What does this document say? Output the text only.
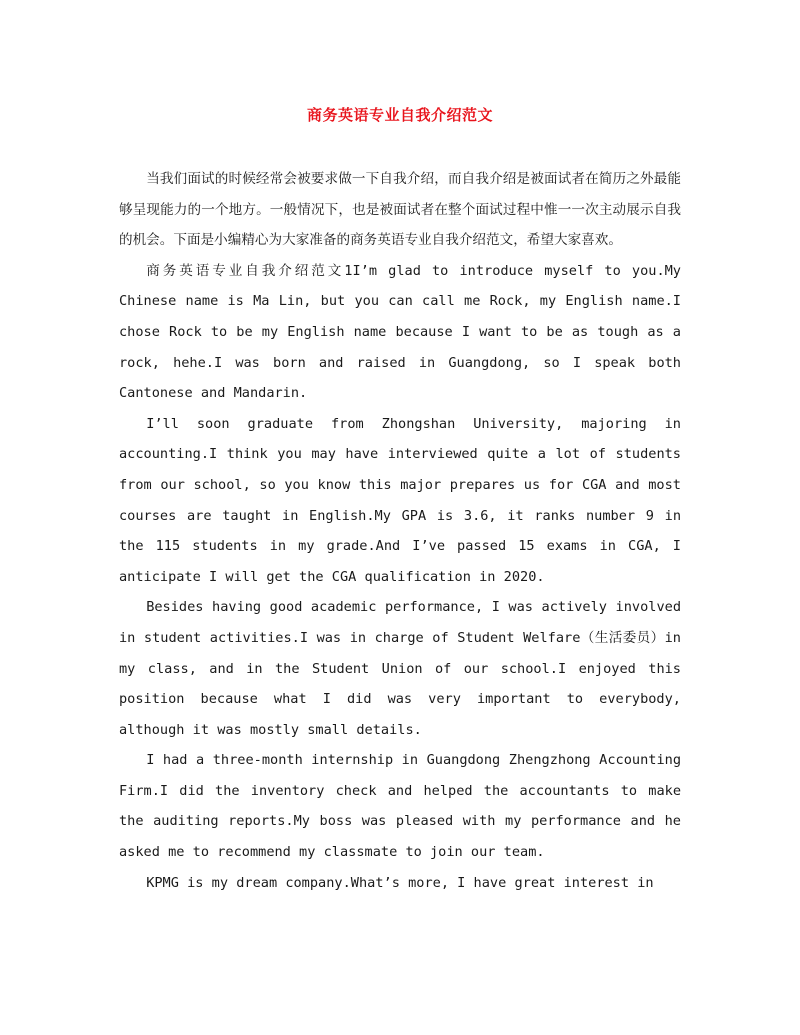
商务英语专业自我介绍范文

当我们面试的时候经常会被要求做一下自我介绍，而自我介绍是被面试者在简历之外最能够呈现能力的一个地方。一般情况下，也是被面试者在整个面试过程中惟一一次主动展示自我的机会。下面是小编精心为大家准备的商务英语专业自我介绍范文，希望大家喜欢。

商务英语专业自我介绍范文1I’m glad to introduce myself to you.My Chinese name is Ma Lin, but you can call me Rock, my English name.I chose Rock to be my English name because I want to be as tough as a rock, hehe.I was born and raised in Guangdong, so I speak both Cantonese and Mandarin.

I’ll soon graduate from Zhongshan University, majoring in accounting.I think you may have interviewed quite a lot of students from our school, so you know this major prepares us for CGA and most courses are taught in English.My GPA is 3.6, it ranks number 9 in the 115 students in my grade.And I’ve passed 15 exams in CGA, I anticipate I will get the CGA qualification in 2020.

Besides having good academic performance, I was actively involved in student activities.I was in charge of Student Welfare（生活委员）in my class, and in the Student Union of our school.I enjoyed this position because what I did was very important to everybody, although it was mostly small details.

I had a three-month internship in Guangdong Zhengzhong Accounting Firm.I did the inventory check and helped the accountants to make the auditing reports.My boss was pleased with my performance and he asked me to recommend my classmate to join our team.

KPMG is my dream company.What’s more, I have great interest in
